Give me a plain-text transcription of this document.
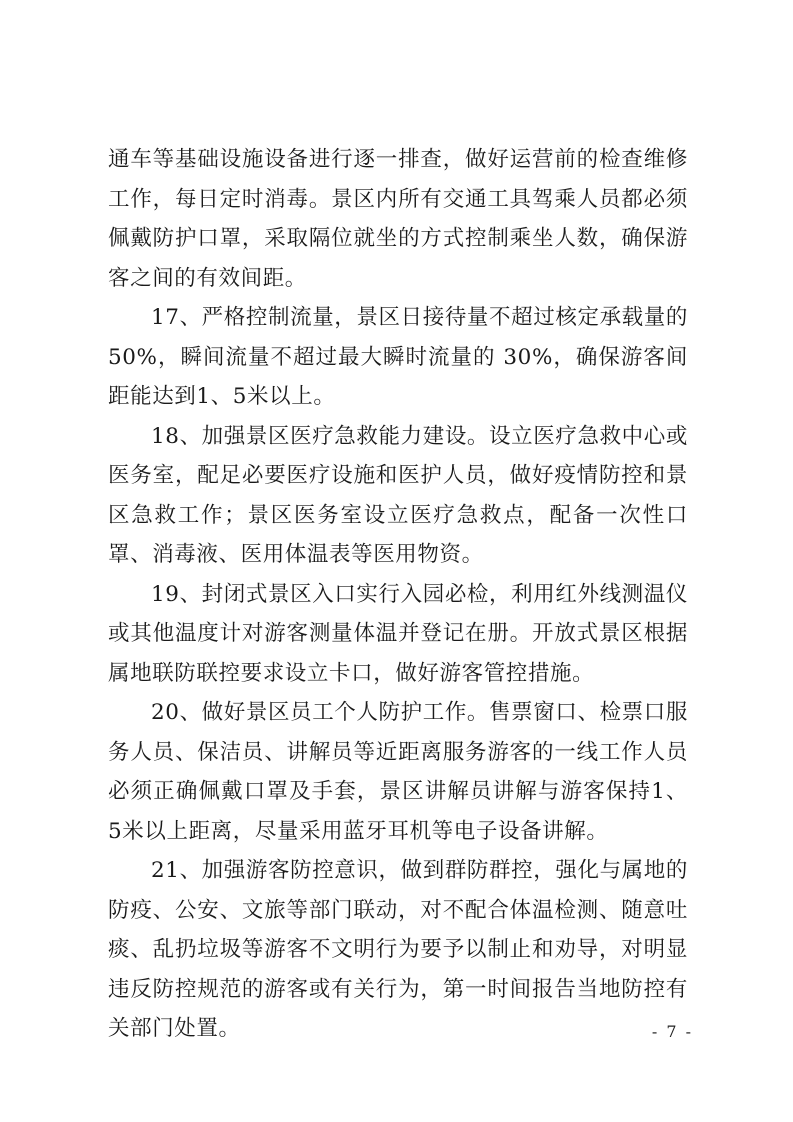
通车等基础设施设备进行逐一排查，做好运营前的检查维修工作，每日定时消毒。景区内所有交通工具驾乘人员都必须佩戴防护口罩，采取隔位就坐的方式控制乘坐人数，确保游客之间的有效间距。

17、严格控制流量，景区日接待量不超过核定承载量的50%，瞬间流量不超过最大瞬时流量的 30%，确保游客间距能达到1、5米以上。

18、加强景区医疗急救能力建设。设立医疗急救中心或医务室，配足必要医疗设施和医护人员，做好疫情防控和景区急救工作；景区医务室设立医疗急救点，配备一次性口罩、消毒液、医用体温表等医用物资。

19、封闭式景区入口实行入园必检，利用红外线测温仪或其他温度计对游客测量体温并登记在册。开放式景区根据属地联防联控要求设立卡口，做好游客管控措施。

20、做好景区员工个人防护工作。售票窗口、检票口服务人员、保洁员、讲解员等近距离服务游客的一线工作人员必须正确佩戴口罩及手套，景区讲解员讲解与游客保持1、5米以上距离，尽量采用蓝牙耳机等电子设备讲解。

21、加强游客防控意识，做到群防群控，强化与属地的防疫、公安、文旅等部门联动，对不配合体温检测、随意吐痰、乱扔垃圾等游客不文明行为要予以制止和劝导，对明显违反防控规范的游客或有关行为，第一时间报告当地防控有关部门处置。	- 7 -
